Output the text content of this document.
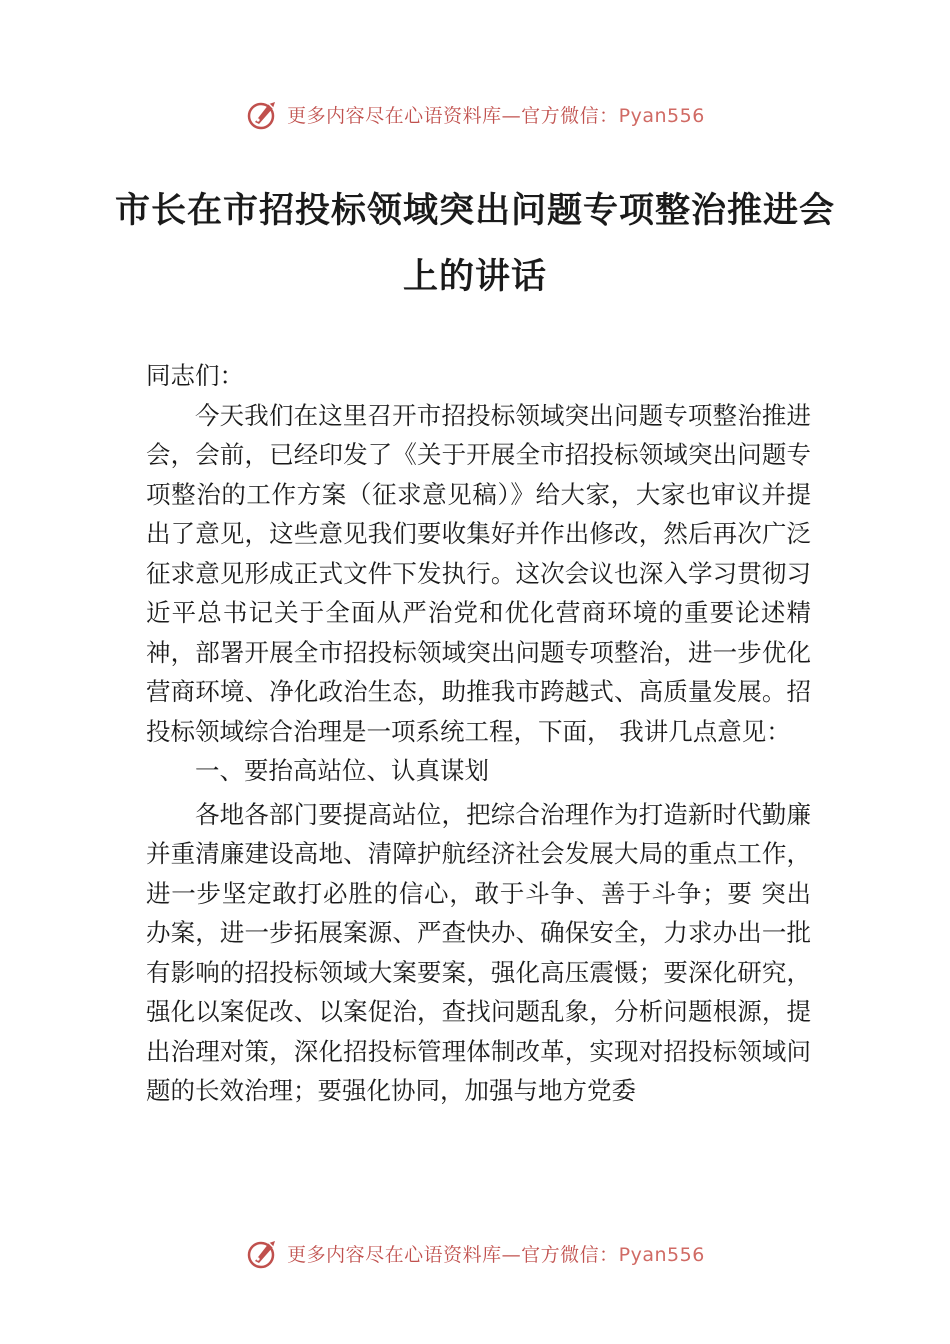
更多内容尽在心语资料库—官方微信：Pyan556
市长在市招投标领域突出问题专项整治推进会上的讲话

同志们：

今天我们在这里召开市招投标领域突出问题专项整治推进会，会前，已经印发了《关于开展全市招投标领域突出问题专项整治的工作方案（征求意见稿）》给大家，大家也审议并提出了意见，这些意见我们要收集好并作出修改，然后再次广泛征求意见形成正式文件下发执行。这次会议也深入学习贯彻习近平总书记关于全面从严治党和优化营商环境的重要论述精神，部署开展全市招投标领域突出问题专项整治，进一步优化营商环境、净化政治生态，助推我市跨越式、高质量发展。招投标领域综合治理是一项系统工程，下面， 我讲几点意见：

一、要抬高站位、认真谋划

各地各部门要提高站位，把综合治理作为打造新时代勤廉并重清廉建设高地、清障护航经济社会发展大局的重点工作，进一步坚定敢打必胜的信心，敢于斗争、善于斗争；要 突出办案，进一步拓展案源、严查快办、确保安全，力求办出一批有影响的招投标领域大案要案，强化高压震慑；要深化研究，强化以案促改、以案促治，查找问题乱象，分析问题根源，提出治理对策，深化招投标管理体制改革，实现对招投标领域问题的长效治理；要强化协同，加强与地方党委

更多内容尽在心语资料库—官方微信：Pyan556
